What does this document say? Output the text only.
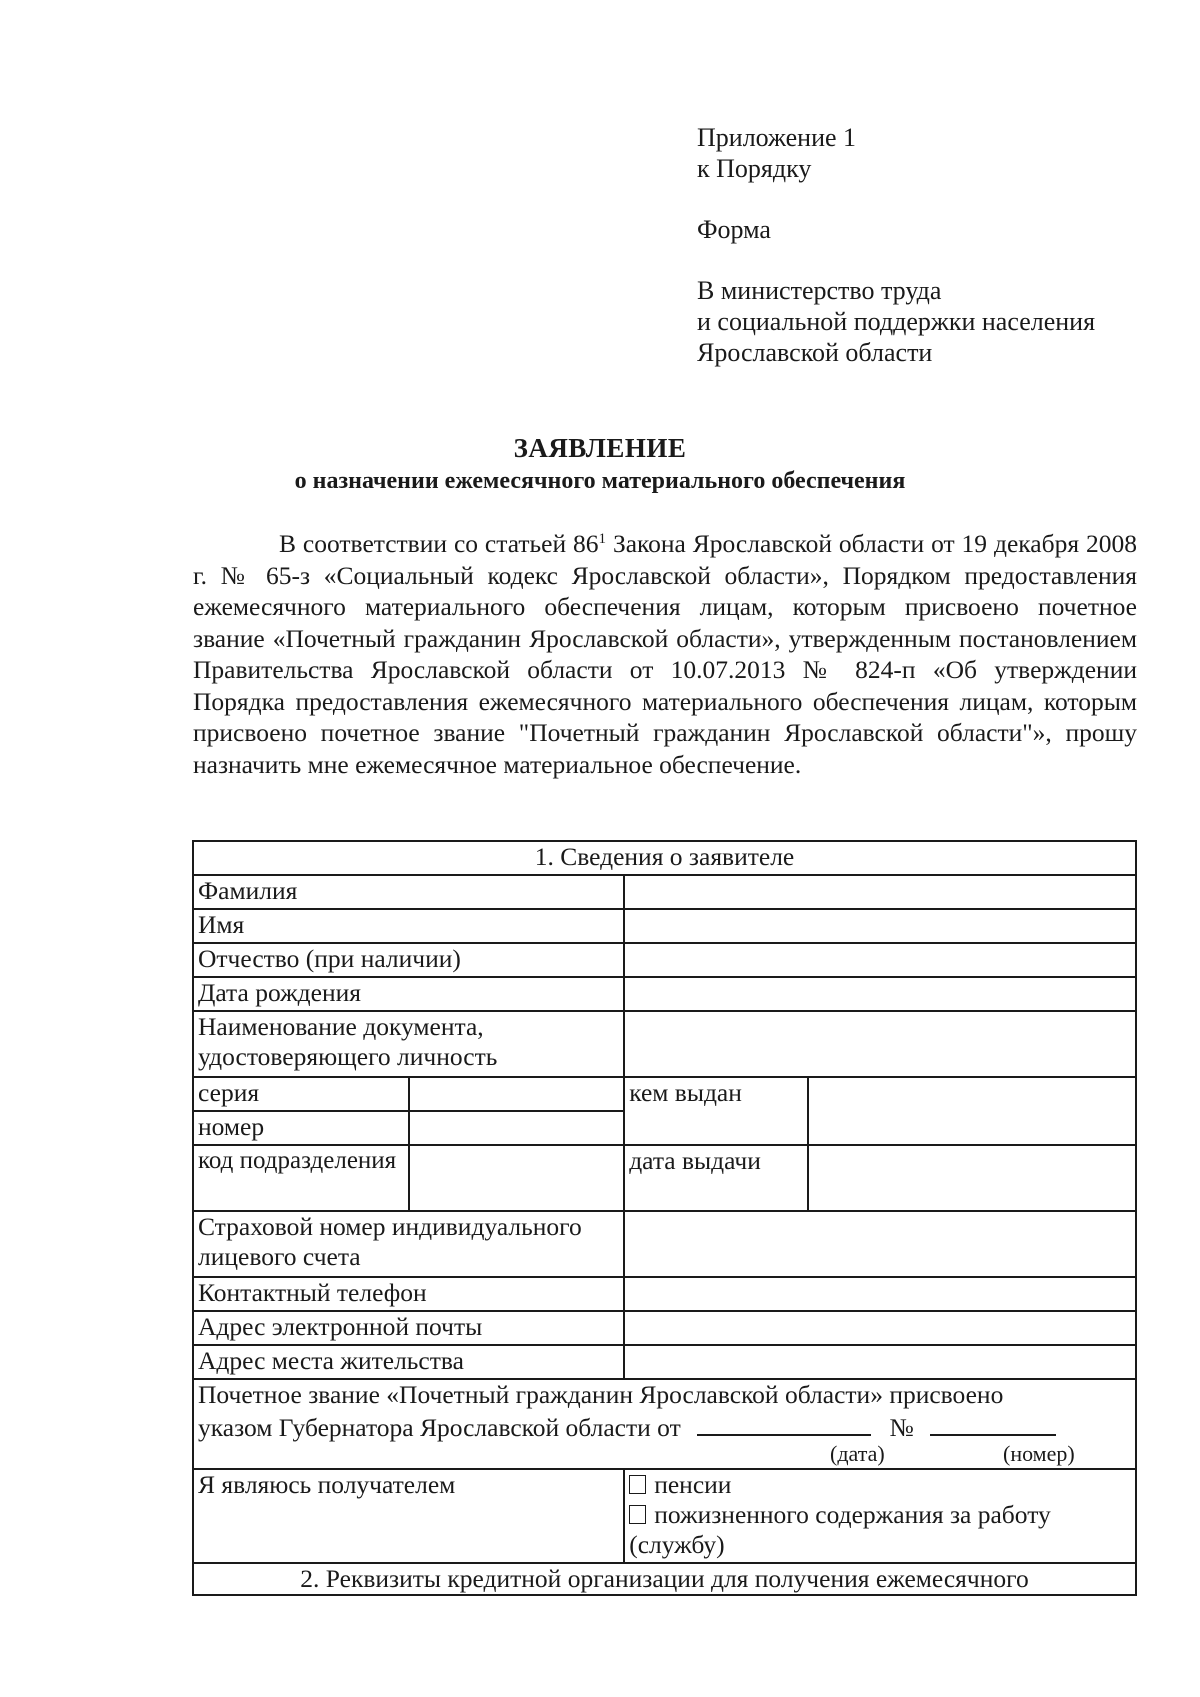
Приложение 1
к Порядку
Форма
В министерство труда
и социальной поддержки населения
Ярославской области
ЗАЯВЛЕНИЕ
о назначении ежемесячного материального обеспечения
В соответствии со статьей $86^1$ Закона Ярославской области от 19 декабря 2008 г. № 65-з «Социальный кодекс Ярославской области», Порядком предоставления ежемесячного материального обеспечения лицам, которым присвоено почетное звание «Почетный гражданин Ярославской области», утвержденным постановлением Правительства Ярославской области от 10.07.2013 № 824-п «Об утверждении Порядка предоставления ежемесячного материального обеспечения лицам, которым присвоено почетное звание "Почетный гражданин Ярославской области"», прошу назначить мне ежемесячное материальное обеспечение.
1. Сведения о заявителе			
Фамилия			
Имя			
Отчество (при наличии)			
Дата рождения			
Наименование документа, удостоверяющего личность			
серия		кем выдан	
номер			
код подразделения		дата выдачи	
Страховой номер индивидуального лицевого счета			
Контактный телефон			
Адрес электронной почты			
Адрес места жительства			

Почетное звание «Почетный гражданин Ярославской области» присвоено
указом Губернатора Ярославской области от №
(дата) (номер)			

Я являюсь получателем		пенсии
пожизненного содержания за работу (службу)	

2. Реквизиты кредитной организации для получения ежемесячного			
